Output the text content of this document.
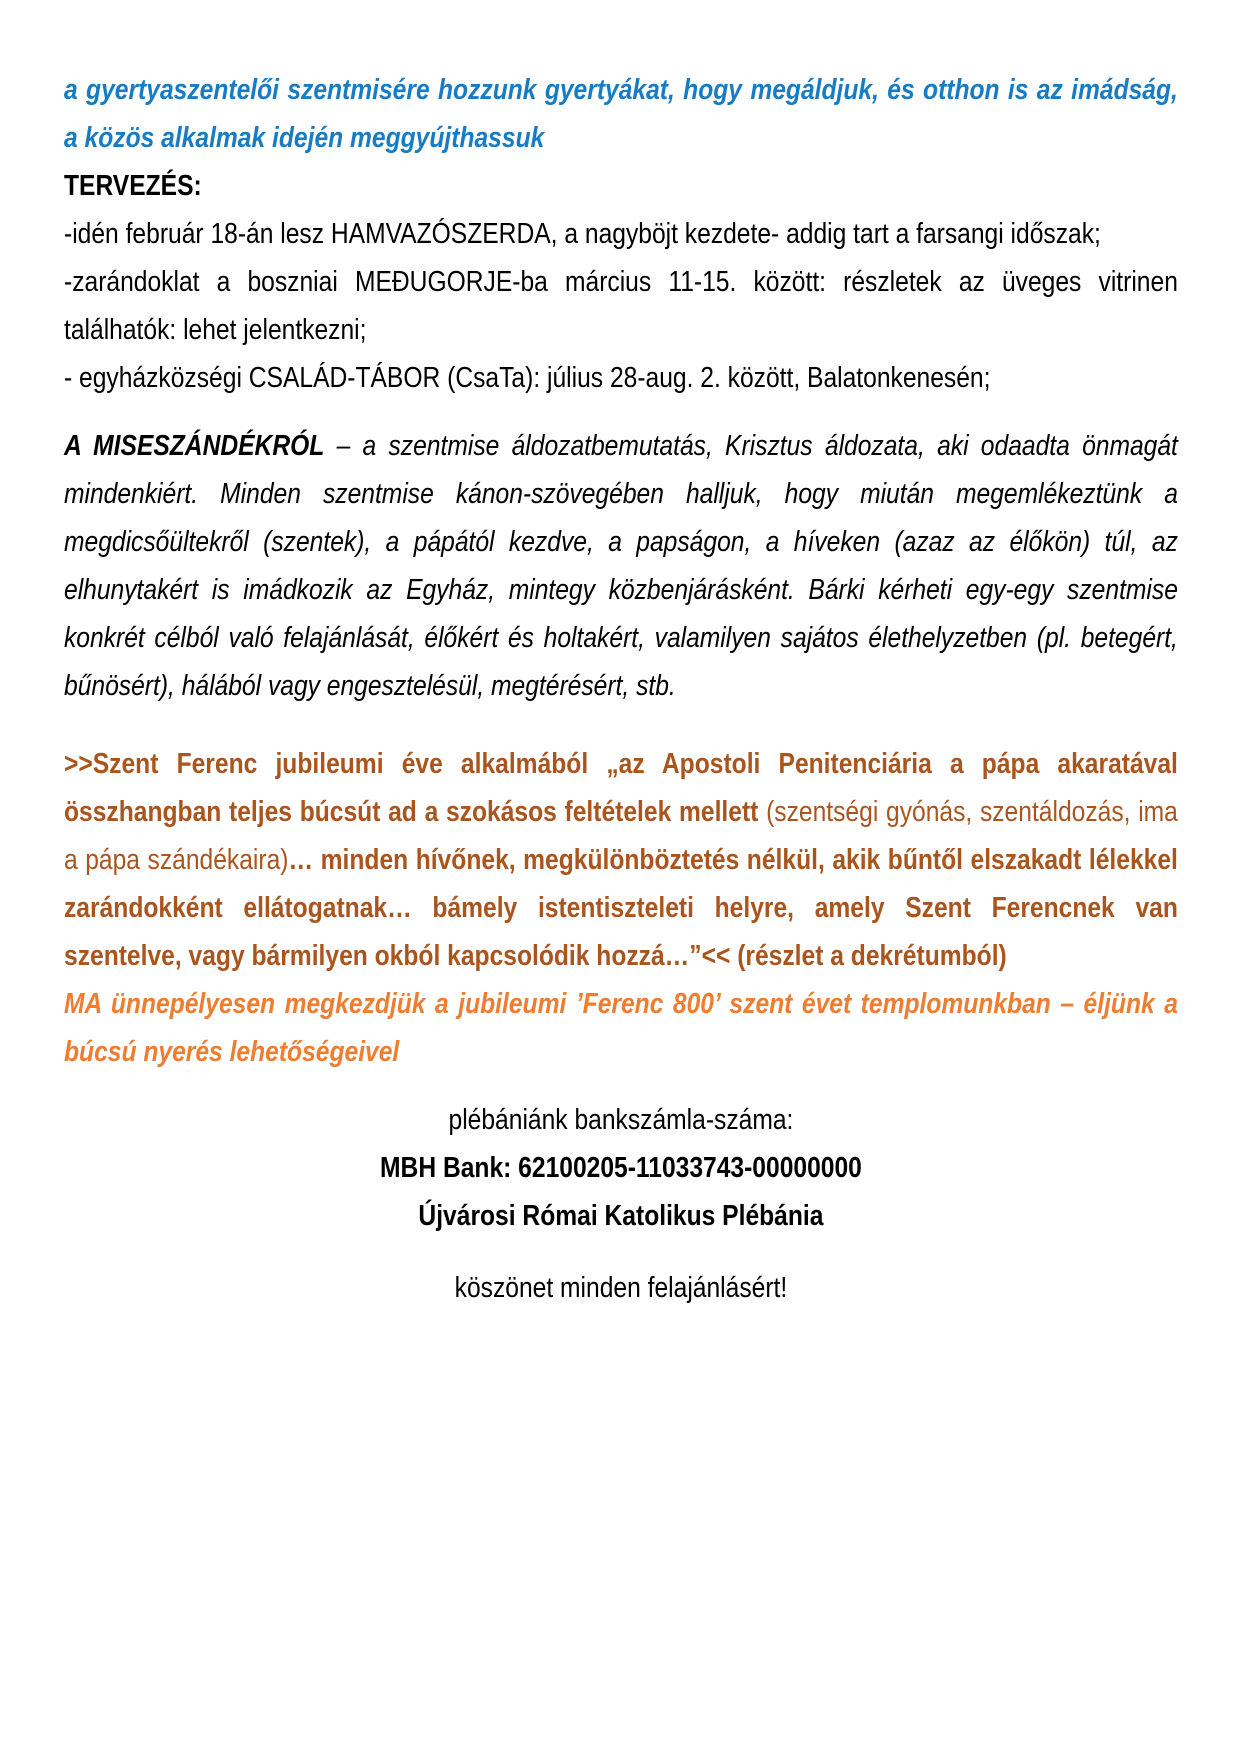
a gyertyaszentelői szentmisére hozzunk gyertyákat, hogy megáldjuk, és otthon is az imádság, a közös alkalmak idején meggyújthassuk

TERVEZÉS:

-idén február 18-án lesz HAMVAZÓSZERDA, a nagyböjt kezdete- addig tart a farsangi időszak;

-zarándoklat a boszniai MEĐUGORJE-ba március 11-15. között: részletek az üveges vitrinen találhatók: lehet jelentkezni;

- egyházközségi CSALÁD-TÁBOR (CsaTa): július 28-aug. 2. között, Balatonkenesén;

A MISESZÁNDÉKRÓL – a szentmise áldozatbemutatás, Krisztus áldozata, aki odaadta önmagát mindenkiért. Minden szentmise kánon-szövegében halljuk, hogy miután megemlékeztünk a megdicsőültekről (szentek), a pápától kezdve, a papságon, a híveken (azaz az élőkön) túl, az elhunytakért is imádkozik az Egyház, mintegy közbenjárásként. Bárki kérheti egy-egy szentmise konkrét célból való felajánlását, élőkért és holtakért, valamilyen sajátos élethelyzetben (pl. betegért, bűnösért), hálából vagy engesztelésül, megtérésért, stb.

>>Szent Ferenc jubileumi éve alkalmából „az Apostoli Penitenciária a pápa akaratával összhangban teljes búcsút ad a szokásos feltételek mellett (szentségi gyónás, szentáldozás, ima a pápa szándékaira)… minden hívőnek, megkülönböztetés nélkül, akik bűntől elszakadt lélekkel zarándokként ellátogatnak… bámely istentiszteleti helyre, amely Szent Ferencnek van szentelve, vagy bármilyen okból kapcsolódik hozzá…”<< (részlet a dekrétumból)

MA ünnepélyesen megkezdjük a jubileumi ’Ferenc 800’ szent évet templomunkban – éljünk a búcsú nyerés lehetőségeivel

plébániánk bankszámla-száma:

MBH Bank: 62100205-11033743-00000000

Újvárosi Római Katolikus Plébánia

köszönet minden felajánlásért!
